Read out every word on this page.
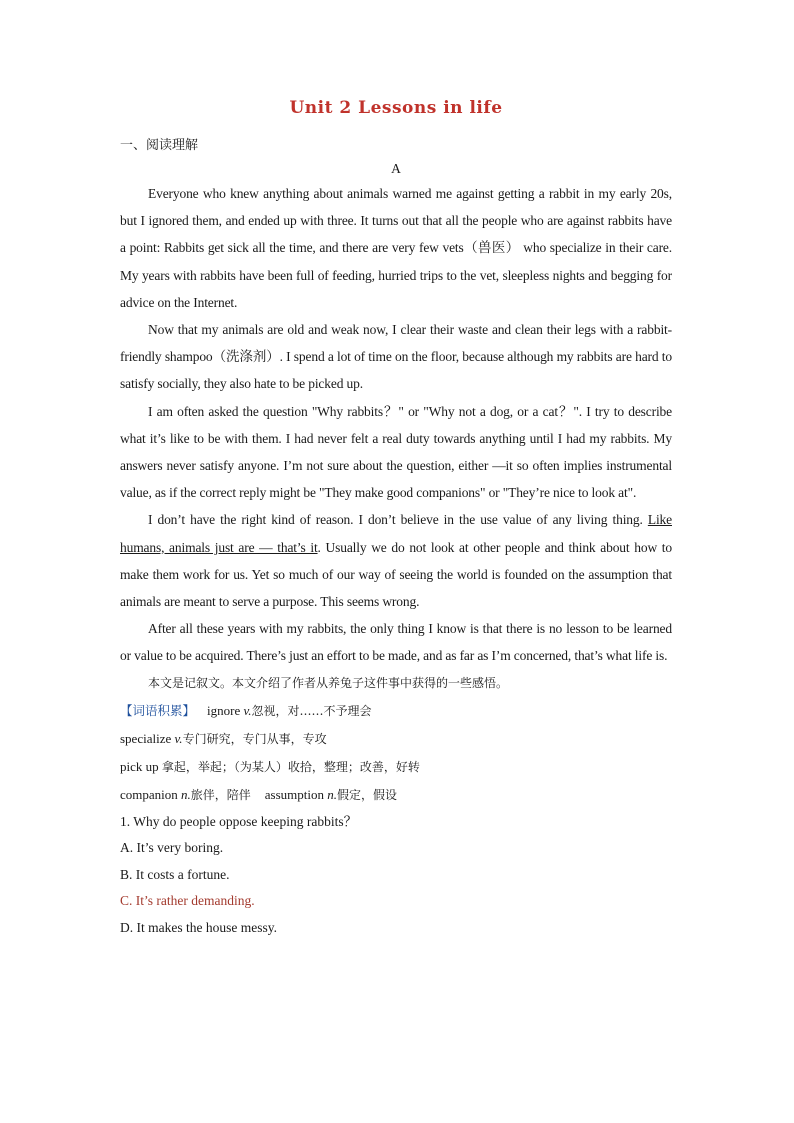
Unit 2 Lessons in life

一、阅读理解

A

Everyone who knew anything about animals warned me against getting a rabbit in my early 20s, but I ignored them, and ended up with three. It turns out that all the people who are against rabbits have a point: Rabbits get sick all the time, and there are very few vets（兽医） who specialize in their care. My years with rabbits have been full of feeding, hurried trips to the vet, sleepless nights and begging for advice on the Internet.

Now that my animals are old and weak now, I clear their waste and clean their legs with a rabbit-friendly shampoo（洗涤剂）. I spend a lot of time on the floor, because although my rabbits are hard to satisfy socially, they also hate to be picked up.

I am often asked the question "Why rabbits？" or "Why not a dog, or a cat？". I try to describe what it’s like to be with them. I had never felt a real duty towards anything until I had my rabbits. My answers never satisfy anyone. I’m not sure about the question, either —it so often implies instrumental value, as if the correct reply might be "They make good companions" or "They’re nice to look at".

I don’t have the right kind of reason. I don’t believe in the use value of any living thing. Like humans, animals just are — that’s it. Usually we do not look at other people and think about how to make them work for us. Yet so much of our way of seeing the world is founded on the assumption that animals are meant to serve a purpose. This seems wrong.

After all these years with my rabbits, the only thing I know is that there is no lesson to be learned or value to be acquired. There’s just an effort to be made, and as far as I’m concerned, that’s what life is.

本文是记叙文。本文介绍了作者从养兔子这件事中获得的一些感悟。

【词语积累】 ignore v.忽视，对……不予理会

specialize v.专门研究，专门从事，专攻

pick up 拿起，举起；（为某人）收拾，整理；改善，好转

companion n.旅伴，陪伴 assumption n.假定，假设

1. Why do people oppose keeping rabbits？

A. It’s very boring.

B. It costs a fortune.

C. It’s rather demanding.

D. It makes the house messy.
